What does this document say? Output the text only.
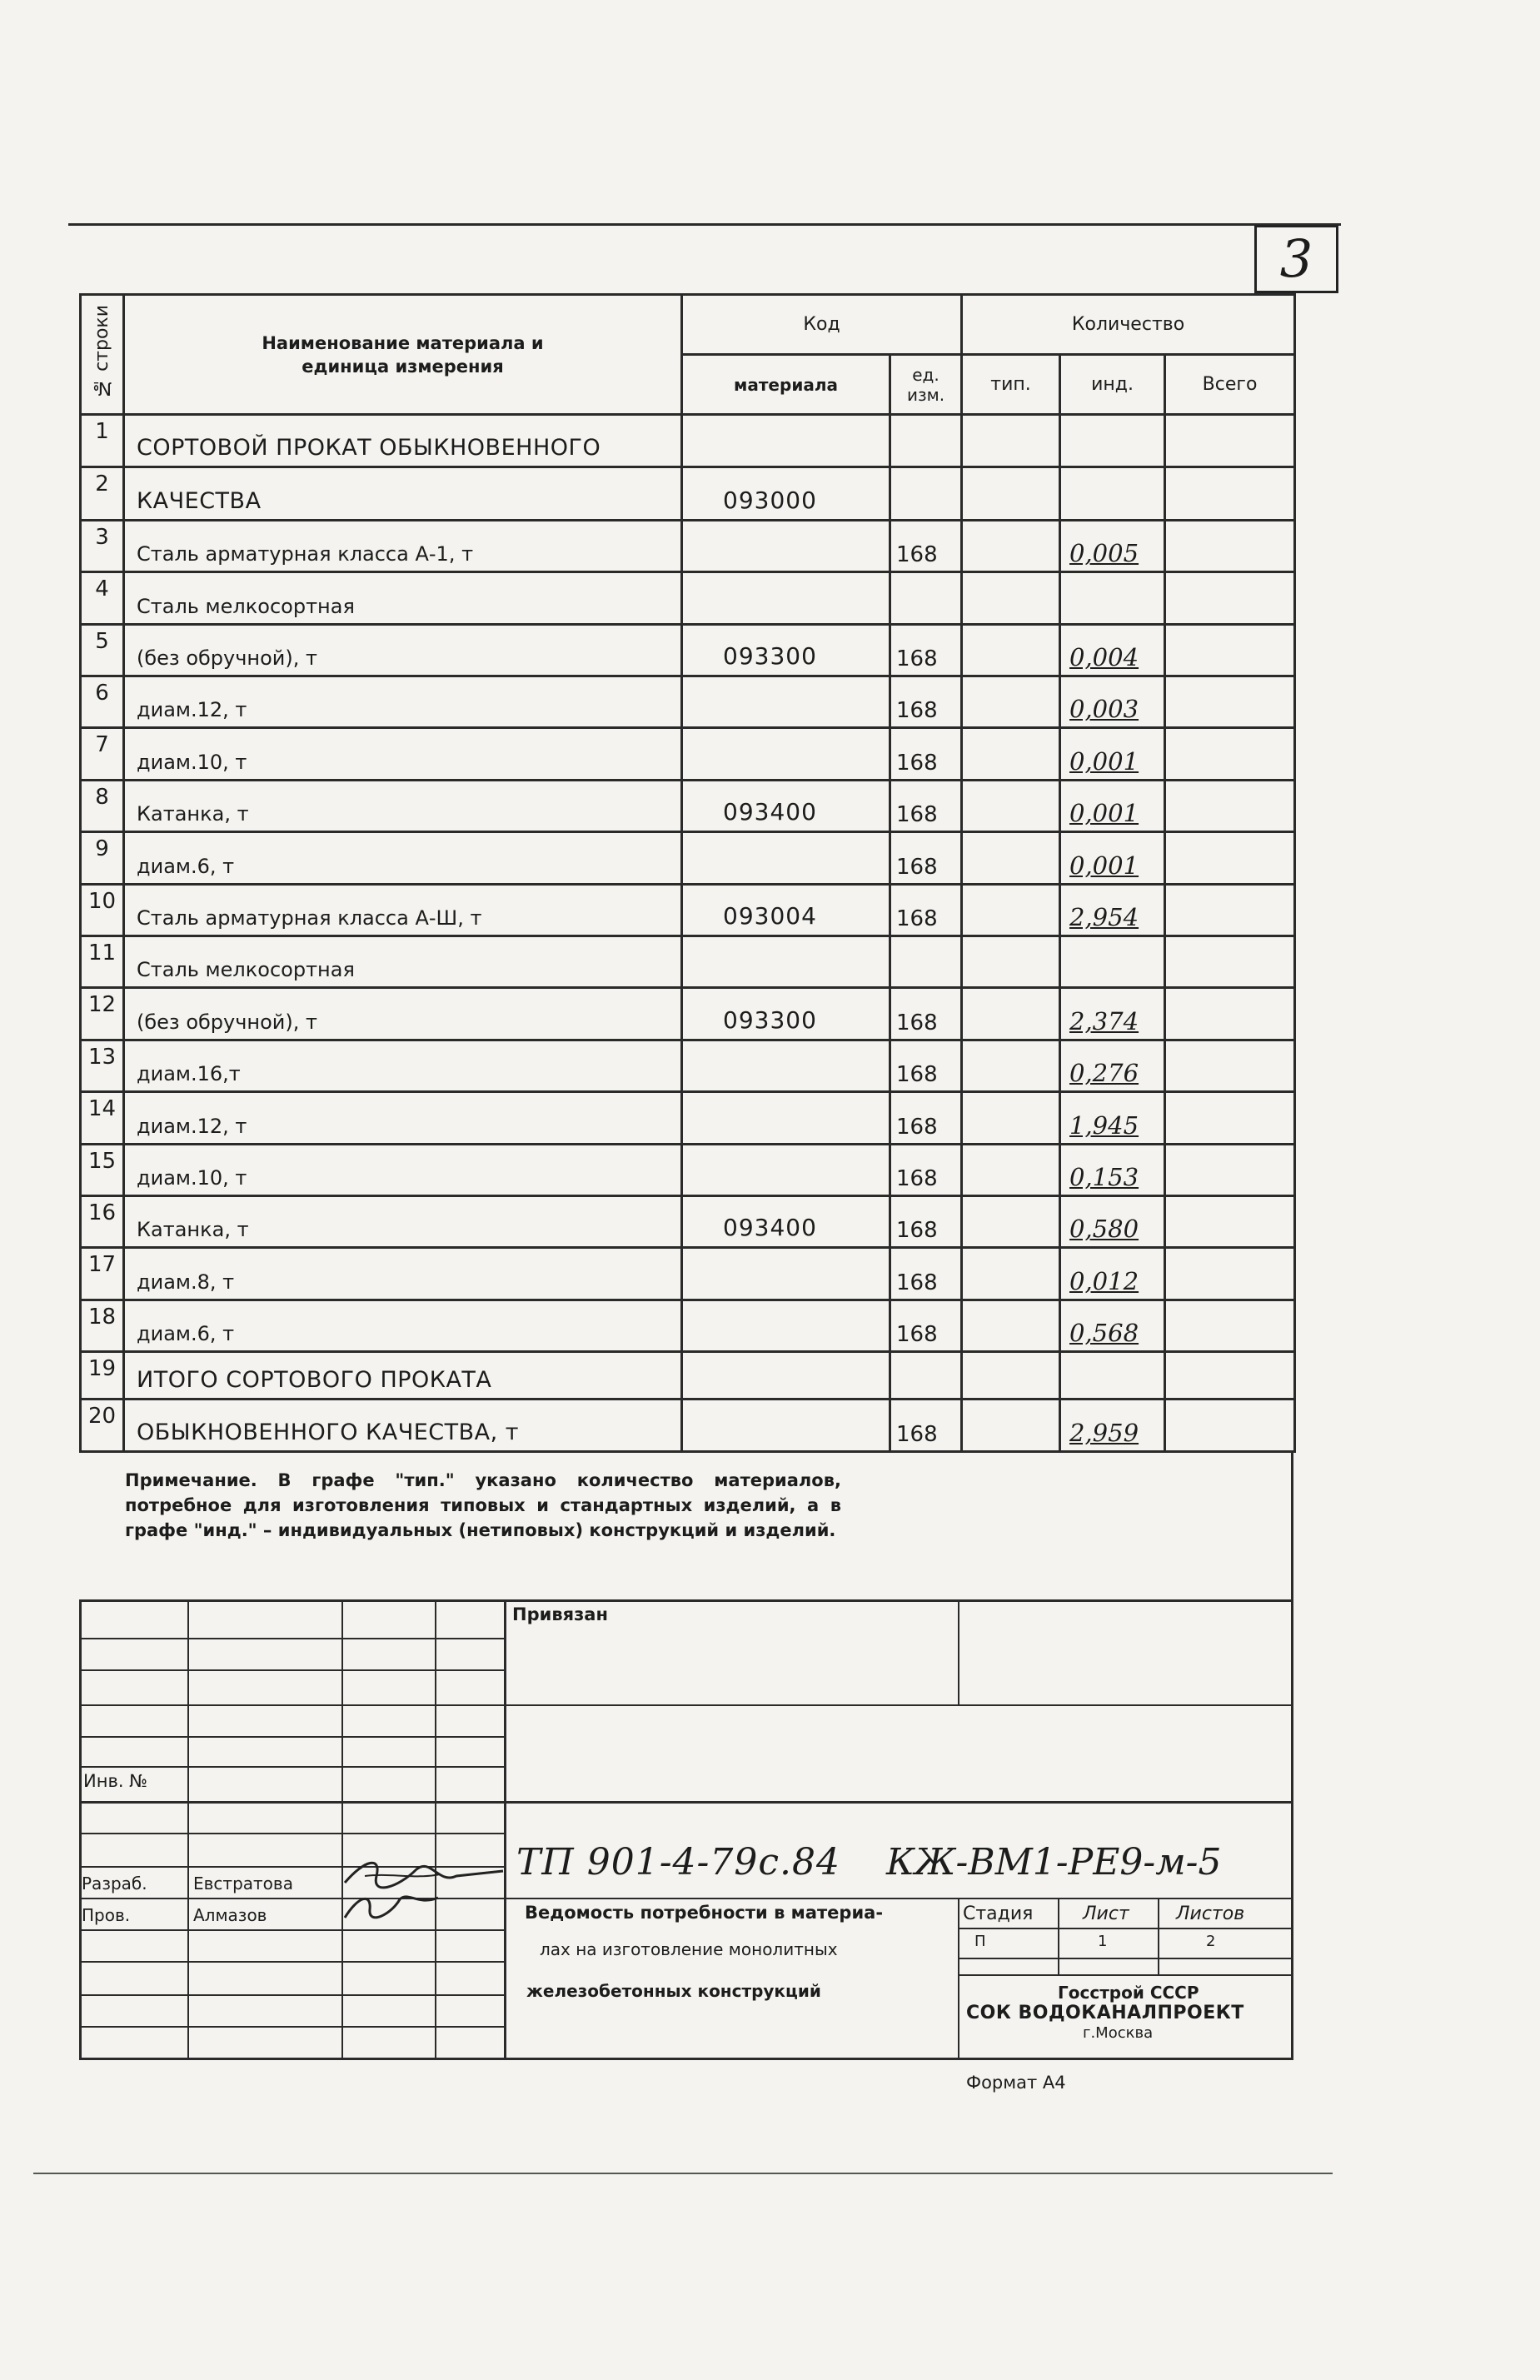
3
№ строки	Наименование материала и единица измерения	Код		Количество		
		материала	ед. изм.	тип.	инд.	Всего
1	СОРТОВОЙ ПРОКАТ ОБЫКНОВЕННОГО					
2	КАЧЕСТВА	093000				
3	Сталь арматурная класса А-1, т		168		0,005	
4	Сталь мелкосортная					
5	(без обручной), т	093300	168		0,004	
6	диам.12, т		168		0,003	
7	диам.10, т		168		0,001	
8	Катанка, т	093400	168		0,001	
9	диам.6, т		168		0,001	
10	Сталь арматурная класса А-Ш, т	093004	168		2,954	
11	Сталь мелкосортная					
12	(без обручной), т	093300	168		2,374	
13	диам.16,т		168		0,276	
14	диам.12, т		168		1,945	
15	диам.10, т		168		0,153	
16	Катанка, т	093400	168		0,580	
17	диам.8, т		168		0,012	
18	диам.6, т		168		0,568	
19	ИТОГО СОРТОВОГО ПРОКАТА					
20	ОБЫКНОВЕННОГО КАЧЕСТВА, т		168		2,959	
Примечание. В графе "тип." указано количество материалов, потребное для изготовления типовых и стандартных изделий, а в графе "инд." – индивидуальных (нетиповых) конструкций и изделий.
Привязан
Инв. №
ТП 901-4-79с.84 КЖ-ВМ1-РЕ9-м-5
Разраб.	Евстратова
Пров.	Алмазов	Ведомость потребности в материа-
лах на изготовление монолитных
железобетонных конструкций
Стадия	Лист	Листов
П	1	2
Госстрой СССР
СОК ВОДОКАНАЛПРОЕКТ
г.Москва
Формат А4
